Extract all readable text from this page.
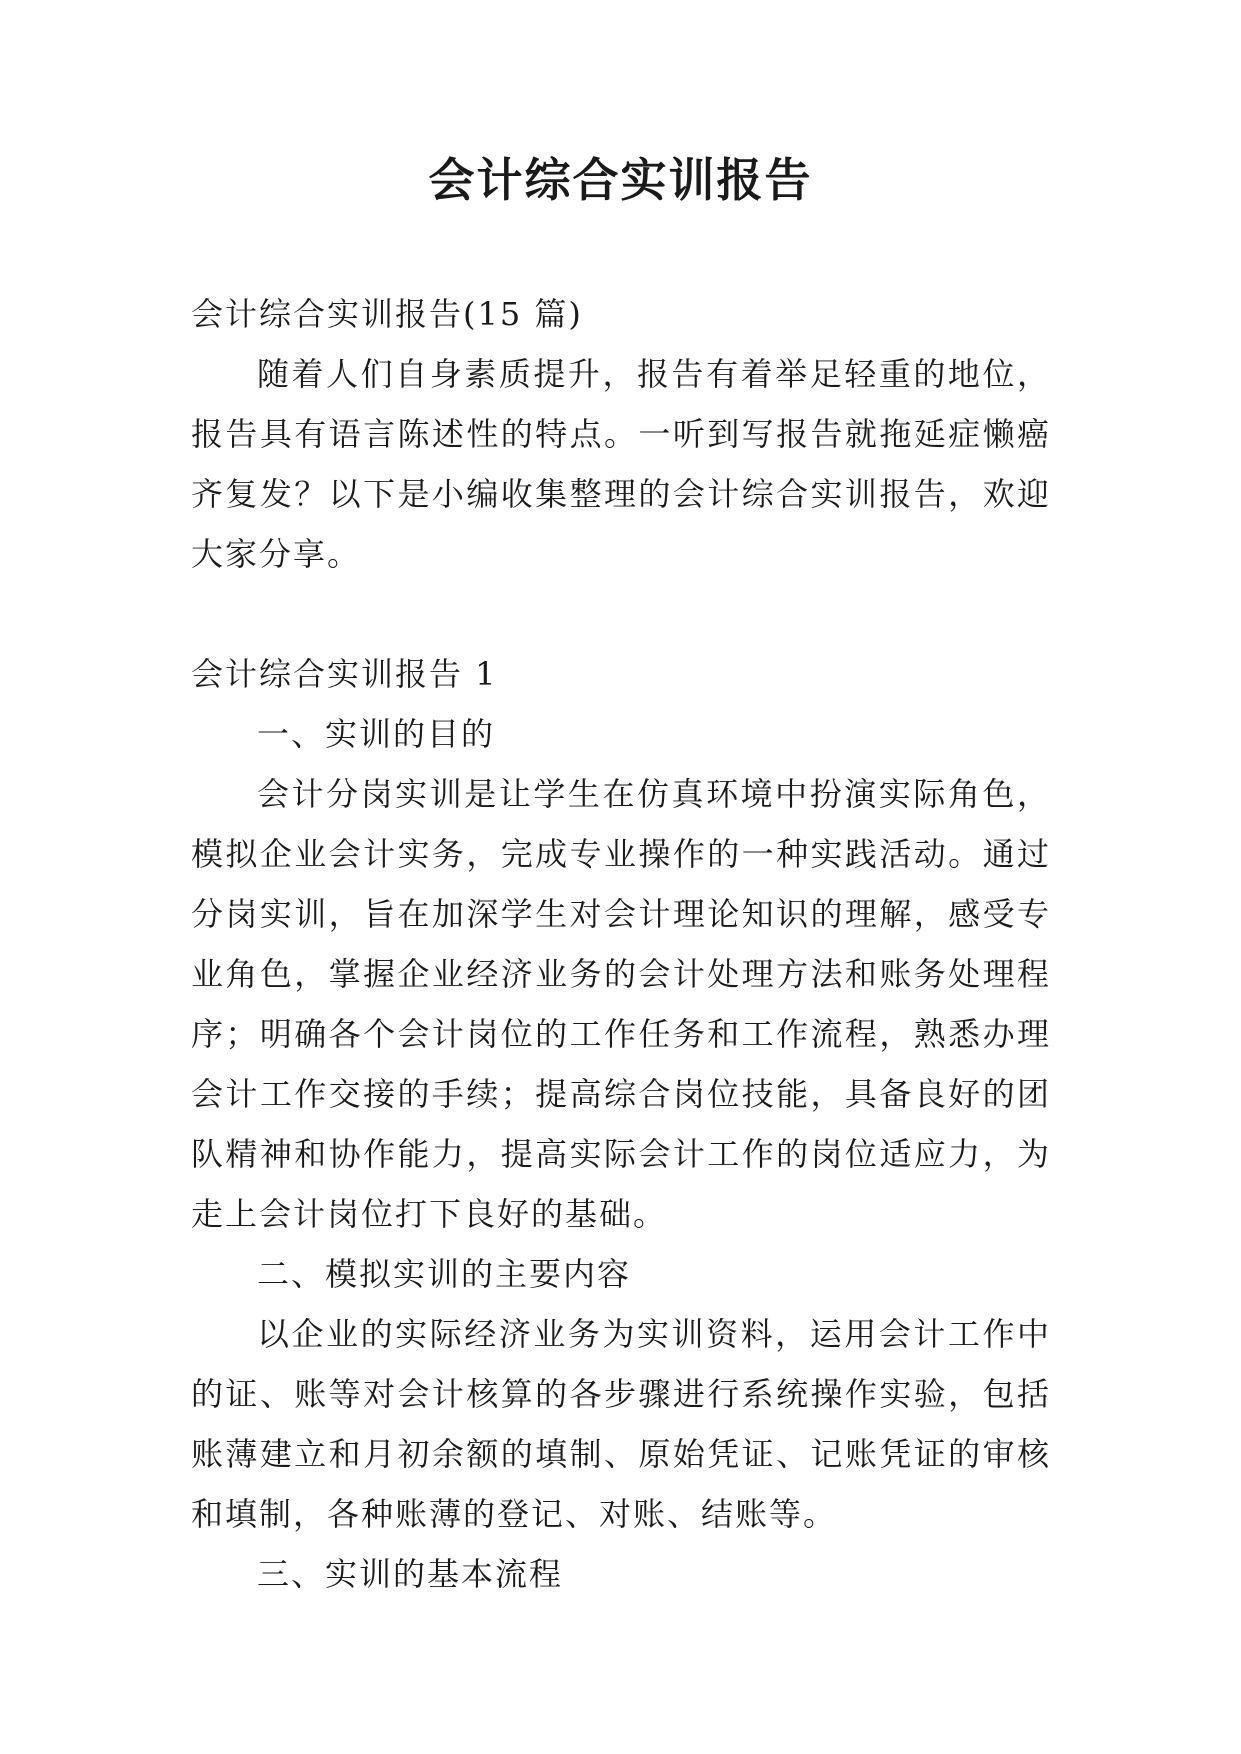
会计综合实训报告

会计综合实训报告(15 篇)

随着人们自身素质提升，报告有着举足轻重的地位，报告具有语言陈述性的特点。一听到写报告就拖延症懒癌齐复发？以下是小编收集整理的会计综合实训报告，欢迎大家分享。

会计综合实训报告 1

一、实训的目的

会计分岗实训是让学生在仿真环境中扮演实际角色，模拟企业会计实务，完成专业操作的一种实践活动。通过分岗实训，旨在加深学生对会计理论知识的理解，感受专业角色，掌握企业经济业务的会计处理方法和账务处理程序；明确各个会计岗位的工作任务和工作流程，熟悉办理会计工作交接的手续；提高综合岗位技能，具备良好的团队精神和协作能力，提高实际会计工作的岗位适应力，为走上会计岗位打下良好的基础。

二、模拟实训的主要内容

以企业的实际经济业务为实训资料，运用会计工作中的证、账等对会计核算的各步骤进行系统操作实验，包括账薄建立和月初余额的填制、原始凭证、记账凭证的审核和填制，各种账薄的登记、对账、结账等。

三、实训的基本流程
